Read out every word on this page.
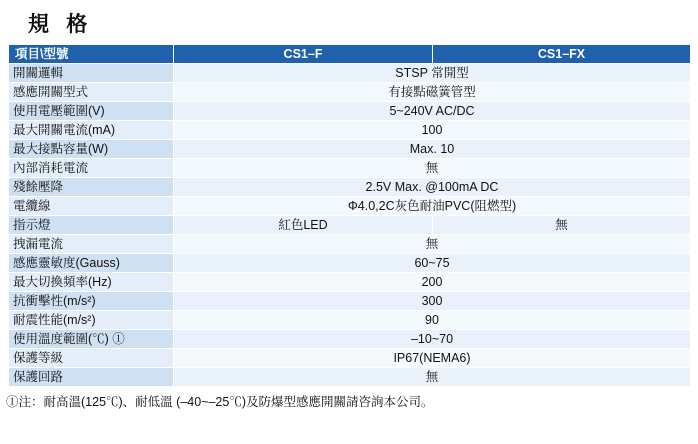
規 格
項目\型號	CS1–F	CS1–FX
開關邏輯	STSP 常開型	
感應開關型式	有接點磁簧管型	
使用電壓範圍(V)	5~240V AC/DC	
最大開關電流(mA)	100	
最大接點容量(W)	Max. 10	
內部消耗電流	無	
殘餘壓降	2.5V Max. @100mA DC	
電纜線	Φ4.0,2C灰色耐油PVC(阻燃型)	
指示燈	紅色LED	無
拽漏電流	無	
感應靈敏度(Gauss)	60~75	
最大切換頻率(Hz)	200	
抗衝擊性(m/s²)	300	
耐震性能(m/s²)	90	
使用溫度範圍(℃) ①	–10~70	
保護等級	IP67(NEMA6)	
保護回路	無	
①注：耐高溫(125℃)、耐低溫 (–40~–25℃)及防爆型感應開關請咨詢本公司。
